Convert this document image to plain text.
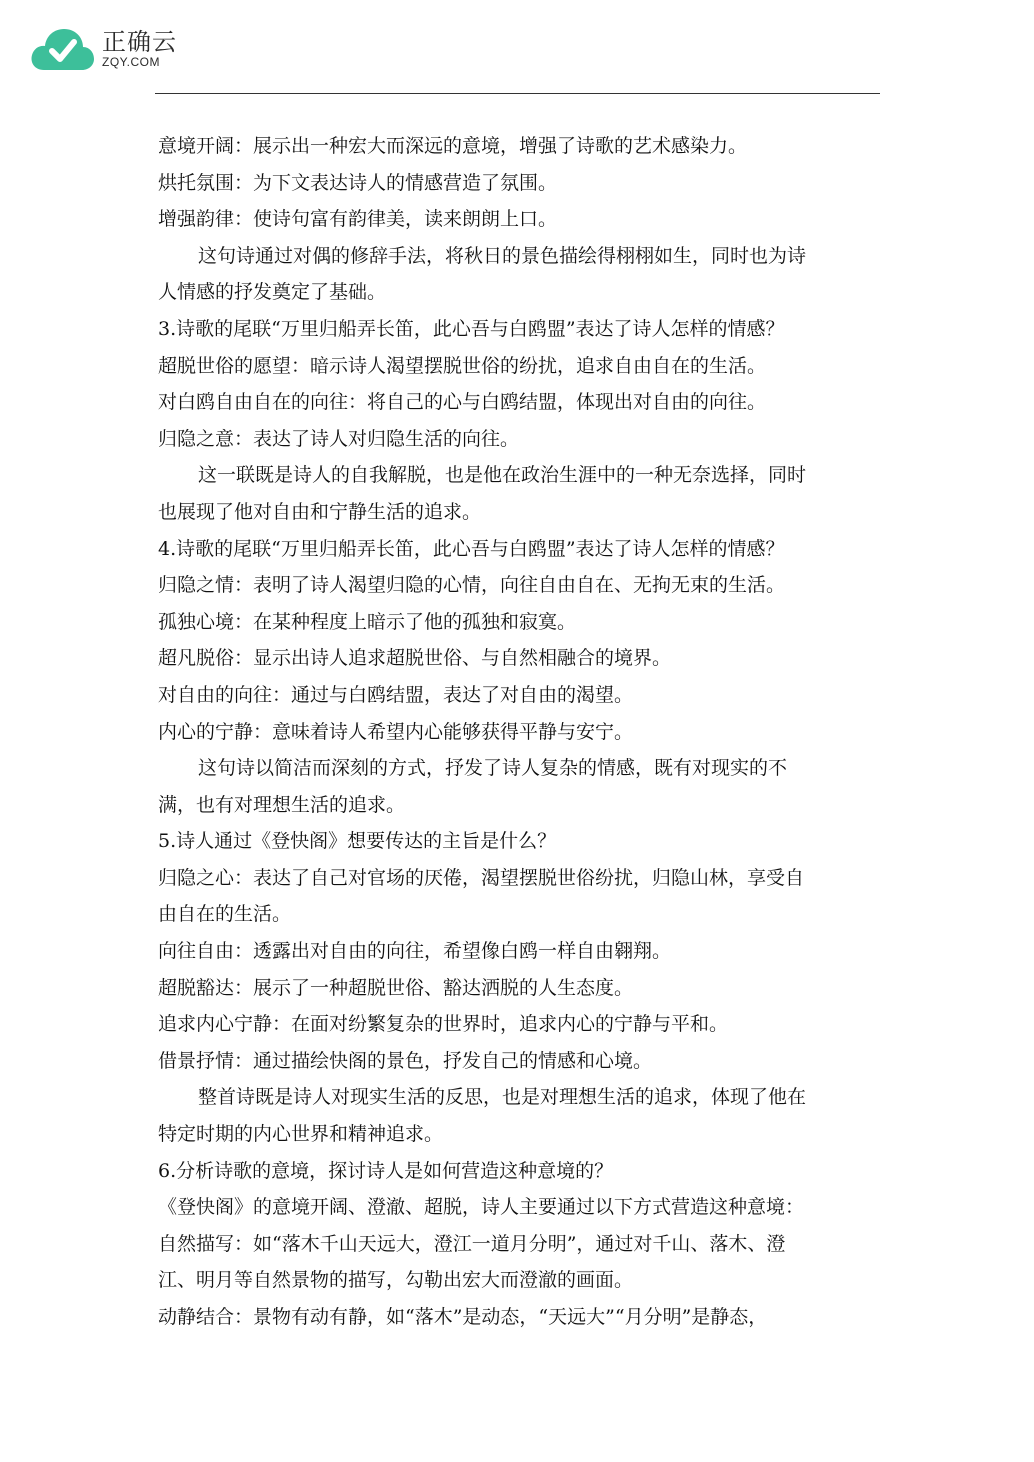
正确云
ZQY.COM
意境开阔：展示出一种宏大而深远的意境，增强了诗歌的艺术感染力。
烘托氛围：为下文表达诗人的情感营造了氛围。
增强韵律：使诗句富有韵律美，读来朗朗上口。
这句诗通过对偶的修辞手法，将秋日的景色描绘得栩栩如生，同时也为诗
人情感的抒发奠定了基础。
3.诗歌的尾联“万里归船弄长笛，此心吾与白鸥盟”表达了诗人怎样的情感？
超脱世俗的愿望：暗示诗人渴望摆脱世俗的纷扰，追求自由自在的生活。
对白鸥自由自在的向往：将自己的心与白鸥结盟，体现出对自由的向往。
归隐之意：表达了诗人对归隐生活的向往。
这一联既是诗人的自我解脱，也是他在政治生涯中的一种无奈选择，同时
也展现了他对自由和宁静生活的追求。
4.诗歌的尾联“万里归船弄长笛，此心吾与白鸥盟”表达了诗人怎样的情感？
归隐之情：表明了诗人渴望归隐的心情，向往自由自在、无拘无束的生活。
孤独心境：在某种程度上暗示了他的孤独和寂寞。
超凡脱俗：显示出诗人追求超脱世俗、与自然相融合的境界。
对自由的向往：通过与白鸥结盟，表达了对自由的渴望。
内心的宁静：意味着诗人希望内心能够获得平静与安宁。
这句诗以简洁而深刻的方式，抒发了诗人复杂的情感，既有对现实的不
满，也有对理想生活的追求。
5.诗人通过《登快阁》想要传达的主旨是什么？
归隐之心：表达了自己对官场的厌倦，渴望摆脱世俗纷扰，归隐山林，享受自
由自在的生活。
向往自由：透露出对自由的向往，希望像白鸥一样自由翱翔。
超脱豁达：展示了一种超脱世俗、豁达洒脱的人生态度。
追求内心宁静：在面对纷繁复杂的世界时，追求内心的宁静与平和。
借景抒情：通过描绘快阁的景色，抒发自己的情感和心境。
整首诗既是诗人对现实生活的反思，也是对理想生活的追求，体现了他在
特定时期的内心世界和精神追求。
6.分析诗歌的意境，探讨诗人是如何营造这种意境的？
《登快阁》的意境开阔、澄澈、超脱，诗人主要通过以下方式营造这种意境：
自然描写：如“落木千山天远大，澄江一道月分明”，通过对千山、落木、澄
江、明月等自然景物的描写，勾勒出宏大而澄澈的画面。
动静结合：景物有动有静，如“落木”是动态，“天远大”“月分明”是静态，
